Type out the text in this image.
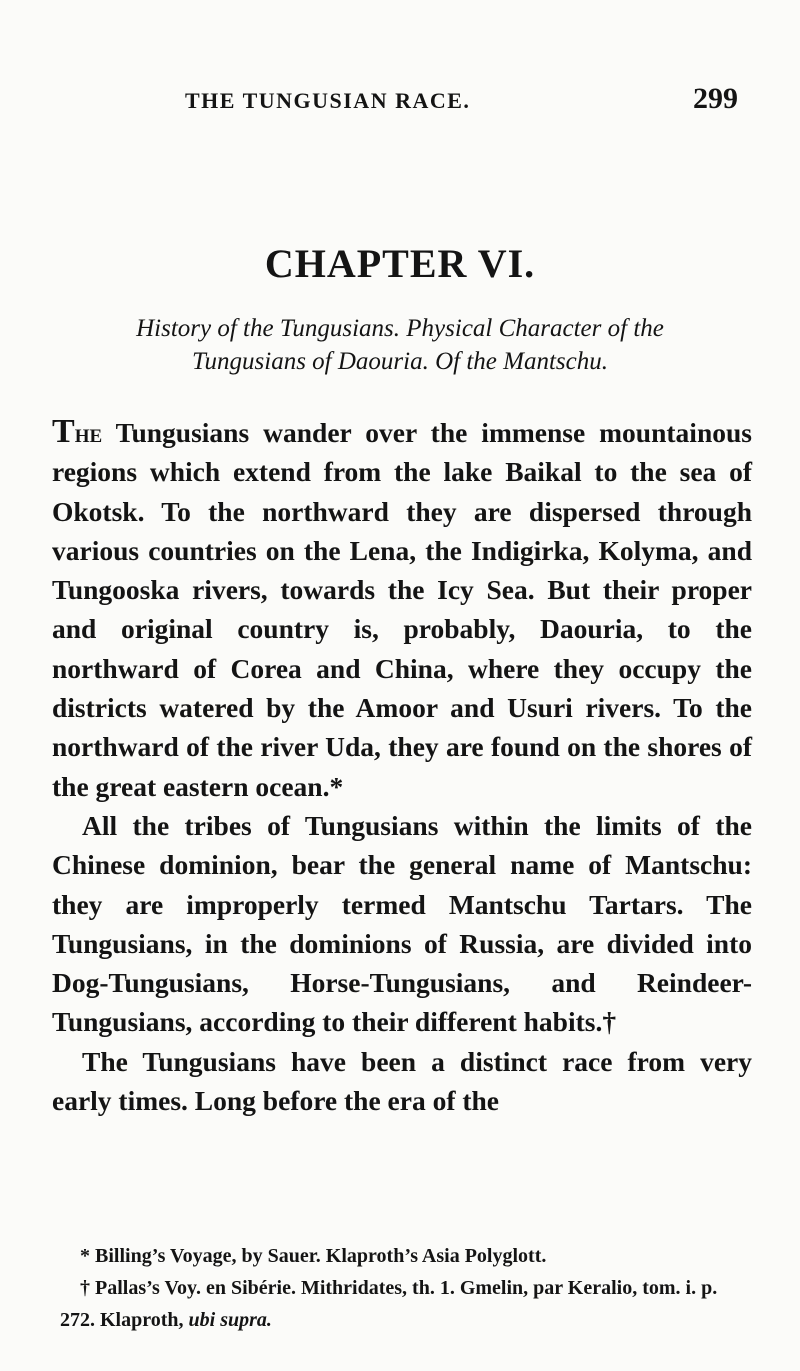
THE TUNGUSIAN RACE.	299
CHAPTER VI.
History of the Tungusians. Physical Character of the
Tungusians of Daouria. Of the Mantschu.

The Tungusians wander over the immense mountainous regions which extend from the lake Baikal to the sea of Okotsk. To the northward they are dispersed through various countries on the Lena, the Indigirka, Kolyma, and Tungooska rivers, towards the Icy Sea. But their proper and original country is, probably, Daouria, to the northward of Corea and China, where they occupy the districts watered by the Amoor and Usuri rivers. To the northward of the river Uda, they are found on the shores of the great eastern ocean.*

All the tribes of Tungusians within the limits of the Chinese dominion, bear the general name of Mantschu: they are improperly termed Mantschu Tartars. The Tungusians, in the dominions of Russia, are divided into Dog-Tungusians, Horse-Tungusians, and Reindeer-Tungusians, according to their different habits.†

The Tungusians have been a distinct race from very early times. Long before the era of the

* Billing’s Voyage, by Sauer. Klaproth’s Asia Polyglott.

† Pallas’s Voy. en Sibérie. Mithridates, th. 1. Gmelin, par Keralio, tom. i. p. 272. Klaproth, ubi supra.
